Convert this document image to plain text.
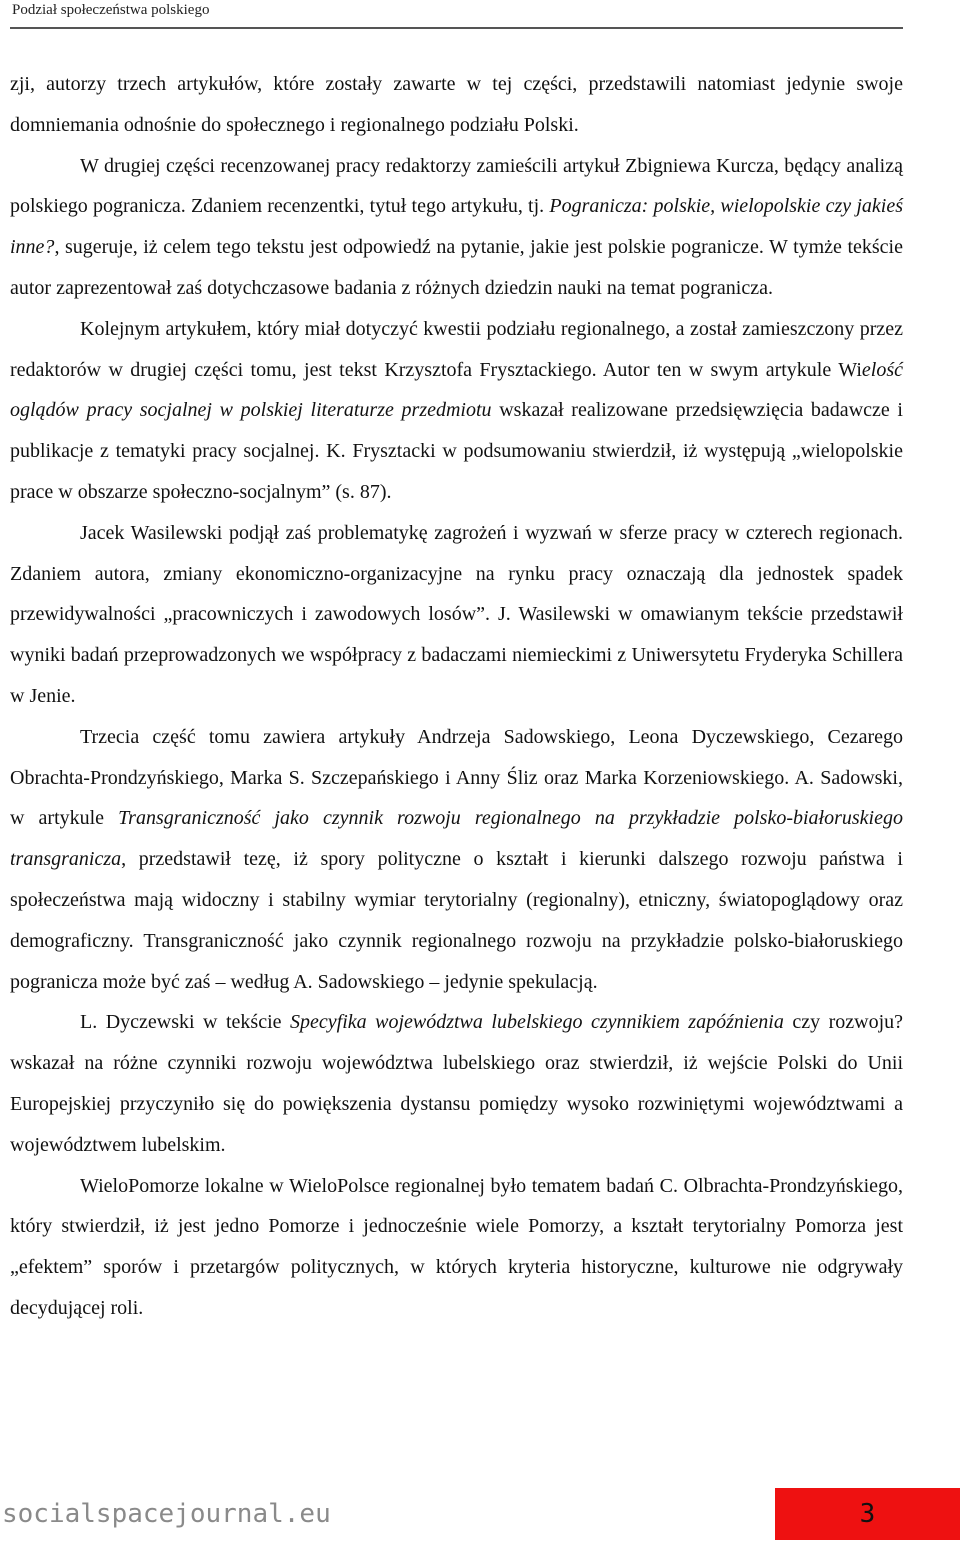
Podział społeczeństwa polskiego

zji, autorzy trzech artykułów, które zostały zawarte w tej części, przedstawili natomiast jedynie swoje domniemania odnośnie do społecznego i regionalnego podziału Polski.

W drugiej części recenzowanej pracy redaktorzy zamieścili artykuł Zbigniewa Kurcza, będący analizą polskiego pogranicza. Zdaniem recenzentki, tytuł tego artykułu, tj. Pogranicza: polskie, wielopolskie czy jakieś inne?, sugeruje, iż celem tego tekstu jest odpowiedź na pytanie, jakie jest polskie pogranicze. W tymże tekście autor zaprezentował zaś dotychczasowe badania z różnych dziedzin nauki na temat pogranicza.

Kolejnym artykułem, który miał dotyczyć kwestii podziału regionalnego, a został zamieszczony przez redaktorów w drugiej części tomu, jest tekst Krzysztofa Frysztackiego. Autor ten w swym artykule Wielość oglądów pracy socjalnej w polskiej literaturze przedmiotu wskazał realizowane przedsięwzięcia badawcze i publikacje z tematyki pracy socjalnej. K. Frysztacki w podsumowaniu stwierdził, iż występują „wielopolskie prace w obszarze społeczno-socjalnym” (s. 87).

Jacek Wasilewski podjął zaś problematykę zagrożeń i wyzwań w sferze pracy w czterech regionach. Zdaniem autora, zmiany ekonomiczno-organizacyjne na rynku pracy oznaczają dla jednostek spadek przewidywalności „pracowniczych i zawodowych losów”. J. Wasilewski w omawianym tekście przedstawił wyniki badań przeprowadzonych we współpracy z badaczami niemieckimi z Uniwersytetu Fryderyka Schillera w Jenie.

Trzecia część tomu zawiera artykuły Andrzeja Sadowskiego, Leona Dyczewskiego, Cezarego Obrachta-Prondzyńskiego, Marka S. Szczepańskiego i Anny Śliz oraz Marka Korzeniowskiego. A. Sadowski, w artykule Transgraniczność jako czynnik rozwoju regionalnego na przykładzie polsko-białoruskiego transgranicza, przedstawił tezę, iż spory polityczne o kształt i kierunki dalszego rozwoju państwa i społeczeństwa mają widoczny i stabilny wymiar terytorialny (regionalny), etniczny, światopoglądowy oraz demograficzny. Transgraniczność jako czynnik regionalnego rozwoju na przykładzie polsko-białoruskiego pogranicza może być zaś – według A. Sadowskiego – jedynie spekulacją.

L. Dyczewski w tekście Specyfika województwa lubelskiego czynnikiem zapóźnienia czy rozwoju? wskazał na różne czynniki rozwoju województwa lubelskiego oraz stwierdził, iż wejście Polski do Unii Europejskiej przyczyniło się do powiększenia dystansu pomiędzy wysoko rozwiniętymi województwami a województwem lubelskim.

WieloPomorze lokalne w WieloPolsce regionalnej było tematem badań C. Olbrachta-Prondzyńskiego, który stwierdził, iż jest jedno Pomorze i jednocześnie wiele Pomorzy, a kształt terytorialny Pomorza jest „efektem” sporów i przetargów politycznych, w których kryteria historyczne, kulturowe nie odgrywały decydującej roli.

socialspacejournal.eu	3
